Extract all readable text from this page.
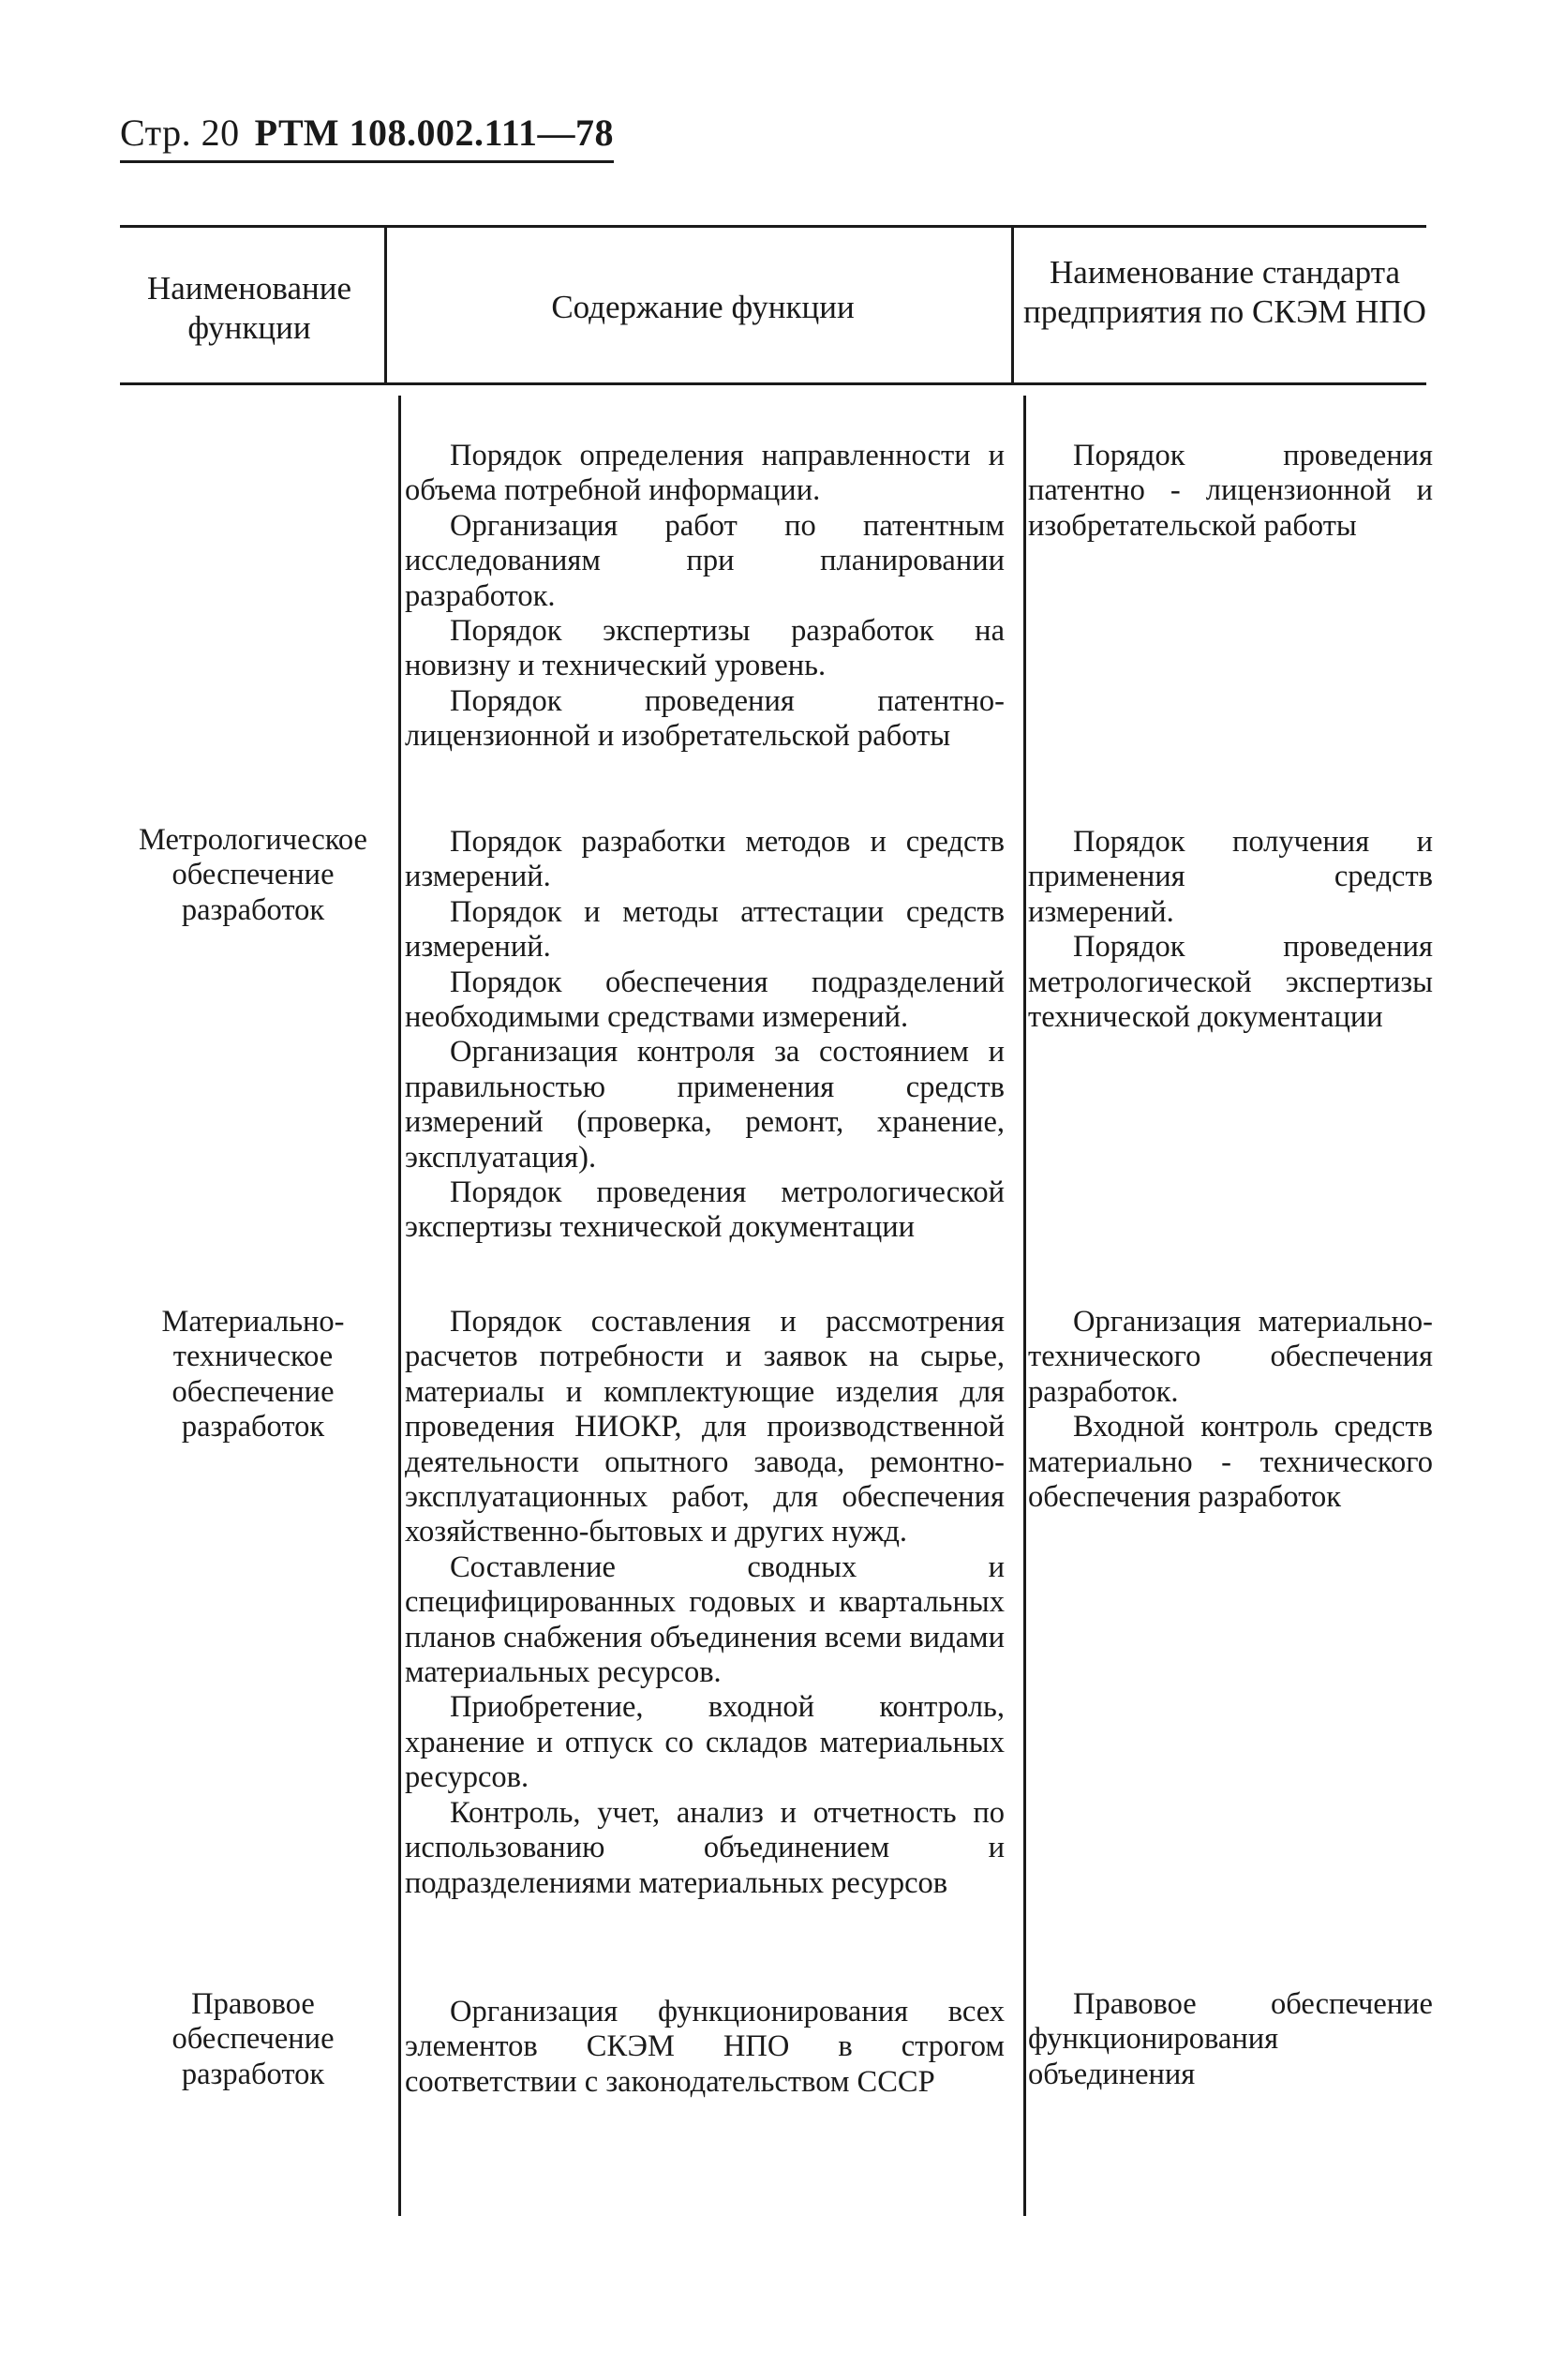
Стр. 20 РТМ 108.002.111—78
Наименование функции
Содержание функции
Наименование стандарта предприятия по СКЭМ НПО

Порядок определения направленности и объема потребной информации.

Организация работ по патентным исследованиям при планировании разработок.

Порядок экспертизы разработок на новизну и технический уровень.

Порядок проведения патентно-лицензионной и изобретательской работы

Порядок проведения патентно - лицензионной и изобретательской работы

Метрологическое обеспечение разработок

Порядок разработки методов и средств измерений.

Порядок и методы аттестации средств измерений.

Порядок обеспечения подразделений необходимыми средствами измерений.

Организация контроля за состоянием и правильностью применения средств измерений (проверка, ремонт, хранение, эксплуатация).

Порядок проведения метрологической экспертизы технической документации

Порядок получения и применения средств измерений.

Порядок проведения метрологической экспертизы технической документации

Материально-техническое обеспечение разработок

Порядок составления и рассмотрения расчетов потребности и заявок на сырье, материалы и комплектующие изделия для проведения НИОКР, для производственной деятельности опытного завода, ремонтно-эксплуатационных работ, для обеспечения хозяйственно-бытовых и других нужд.

Составление сводных и специфицированных годовых и квартальных планов снабжения объединения всеми видами материальных ресурсов.

Приобретение, входной контроль, хранение и отпуск со складов материальных ресурсов.

Контроль, учет, анализ и отчетность по использованию объединением и подразделениями материальных ресурсов

Организация материально-технического обеспечения разработок.

Входной контроль средств материально - технического обеспечения разработок

Правовое обеспечение разработок

Организация функционирования всех элементов СКЭМ НПО в строгом соответствии с законодательством СССР

Правовое обеспечение функционирования объединения
